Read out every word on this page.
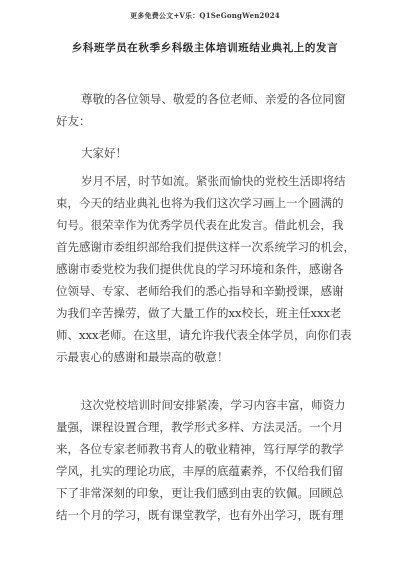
更多免费公文+V乐：Q1SeGongWen2024
乡科班学员在秋季乡科级主体培训班结业典礼上的发言
尊敬的各位领导、敬爱的各位老师、亲爱的各位同窗
好友：
大家好！
岁月不居，时节如流。紧张而愉快的党校生活即将结
束，今天的结业典礼也将为我们这次学习画上一个圆满的
句号。很荣幸作为优秀学员代表在此发言。借此机会，我
首先感谢市委组织部给我们提供这样一次系统学习的机会，
感谢市委党校为我们提供优良的学习环境和条件，感谢各
位领导、专家、老师给我们的悉心指导和辛勤授课，感谢
为我们辛苦操劳，做了大量工作的xx校长，班主任xxx老
师、xxx老师。在这里，请允许我代表全体学员，向你们表
示最衷心的感谢和最崇高的敬意！
这次党校培训时间安排紧凑，学习内容丰富，师资力
量强，课程设置合理，教学形式多样、方法灵活。一个月
来，各位专家老师教书育人的敬业精神，笃行厚学的教学
学风，扎实的理论功底，丰厚的底蕴素养，不仅给我们留
下了非常深刻的印象，更让我们感到由衷的钦佩。回顾总
结一个月的学习，既有课堂教学，也有外出学习，既有理
